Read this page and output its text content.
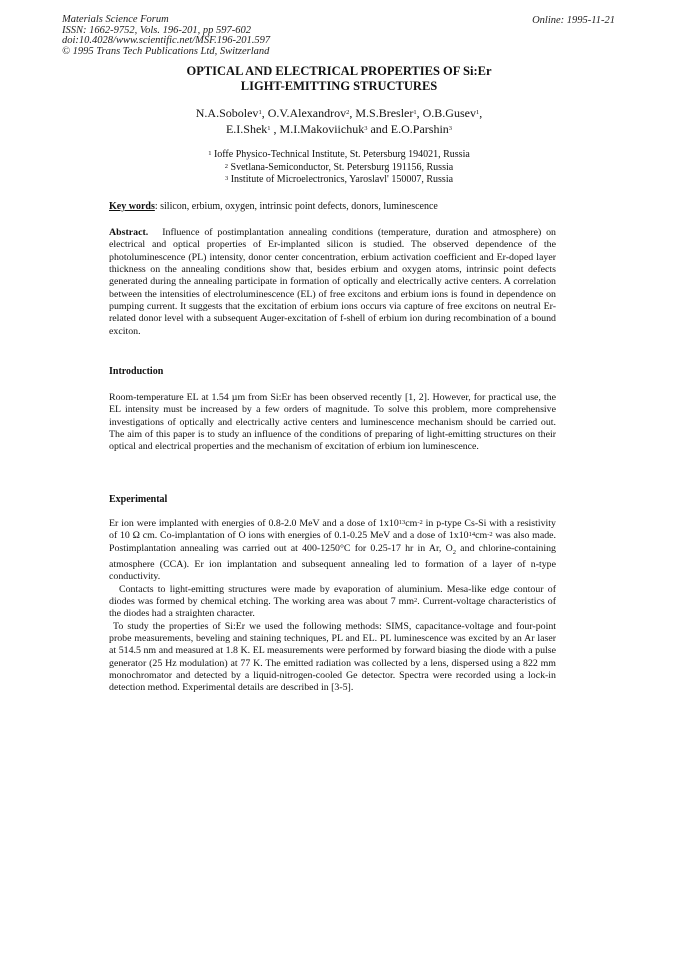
Materials Science Forum
ISSN: 1662-9752, Vols. 196-201, pp 597-602
doi:10.4028/www.scientific.net/MSF.196-201.597
© 1995 Trans Tech Publications Ltd, Switzerland
Online: 1995-11-21
OPTICAL AND ELECTRICAL PROPERTIES OF Si:Er
LIGHT-EMITTING STRUCTURES
N.A.Sobolev$^1$, O.V.Alexandrov$^2$, M.S.Bresler$^1$, O.B.Gusev$^1$,
E.I.Shek$^1$ , M.I.Makoviichuk$^3$ and E.O.Parshin$^3$
$^1$ Ioffe Physico-Technical Institute, St. Petersburg 194021, Russia
$^2$ Svetlana-Semiconductor, St. Petersburg 191156, Russia
$^3$ Institute of Microelectronics, Yaroslavl' 150007, Russia
Key words: silicon, erbium, oxygen, intrinsic point defects, donors, luminescence
Abstract. Influence of postimplantation annealing conditions (temperature, duration and atmosphere) on electrical and optical properties of Er-implanted silicon is studied. The observed dependence of the photoluminescence (PL) intensity, donor center concentration, erbium activation coefficient and Er-doped layer thickness on the annealing conditions show that, besides erbium and oxygen atoms, intrinsic point defects generated during the annealing participate in formation of optically and electrically active centers. A correlation between the intensities of electroluminescence (EL) of free excitons and erbium ions is found in dependence on pumping current. It suggests that the excitation of erbium ions occurs via capture of free excitons on neutral Er-related donor level with a subsequent Auger-excitation of f-shell of erbium ion during recombination of a bound exciton.
Introduction
Room-temperature EL at 1.54 µm from Si:Er has been observed recently [1, 2]. However, for practical use, the EL intensity must be increased by a few orders of magnitude. To solve this problem, more comprehensive investigations of optically and electrically active centers and luminescence mechanism should be carried out. The aim of this paper is to study an influence of the conditions of preparing of light-emitting structures on their optical and electrical properties and the mechanism of excitation of erbium ion luminescence.
Experimental

Er ion were implanted with energies of 0.8-2.0 MeV and a dose of $1x10^{13}cm^{-2}$ in p-type Cs-Si with a resistivity of 10 Ω cm. Co-implantation of O ions with energies of 0.1-0.25 MeV and a dose of $1x10^{14}cm^{-2}$ was also made. Postimplantation annealing was carried out at 400-1250°C for 0.25-17 hr in Ar, $O_2$ and chlorine-containing atmosphere (CCA). Er ion implantation and subsequent annealing led to formation of a layer of n-type conductivity.

Contacts to light-emitting structures were made by evaporation of aluminium. Mesa-like edge contour of diodes was formed by chemical etching. The working area was about 7 $mm^2$. Current-voltage characteristics of the diodes had a straighten character.

To study the properties of Si:Er we used the following methods: SIMS, capacitance-voltage and four-point probe measurements, beveling and staining techniques, PL and EL. PL luminescence was excited by an Ar laser at 514.5 nm and measured at 1.8 K. EL measurements were performed by forward biasing the diode with a pulse generator (25 Hz modulation) at 77 K. The emitted radiation was collected by a lens, dispersed using a 822 mm monochromator and detected by a liquid-nitrogen-cooled Ge detector. Spectra were recorded using a lock-in detection method. Experimental details are described in [3-5].
